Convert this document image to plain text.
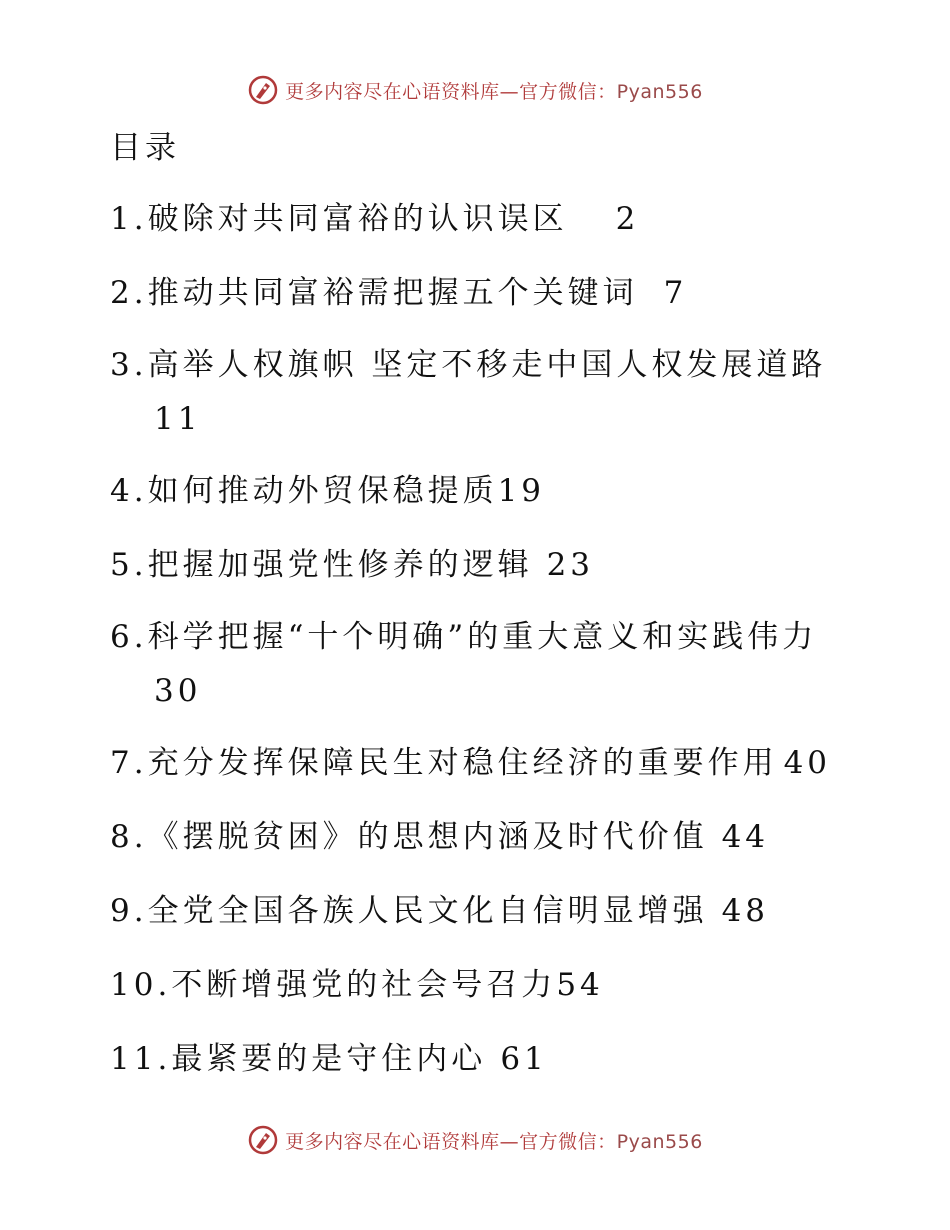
更多内容尽在心语资料库—官方微信：Pyan556
目录
1.破除对共同富裕的认识误区 2
2.推动共同富裕需把握五个关键词 7
3.高举人权旗帜 坚定不移走中国人权发展道路
11
4.如何推动外贸保稳提质19
5.把握加强党性修养的逻辑 23
6.科学把握“十个明确”的重大意义和实践伟力
30
7.充分发挥保障民生对稳住经济的重要作用 40
8.《摆脱贫困》的思想内涵及时代价值 44
9.全党全国各族人民文化自信明显增强 48
10.不断增强党的社会号召力54
11.最紧要的是守住内心 61
更多内容尽在心语资料库—官方微信：Pyan556
